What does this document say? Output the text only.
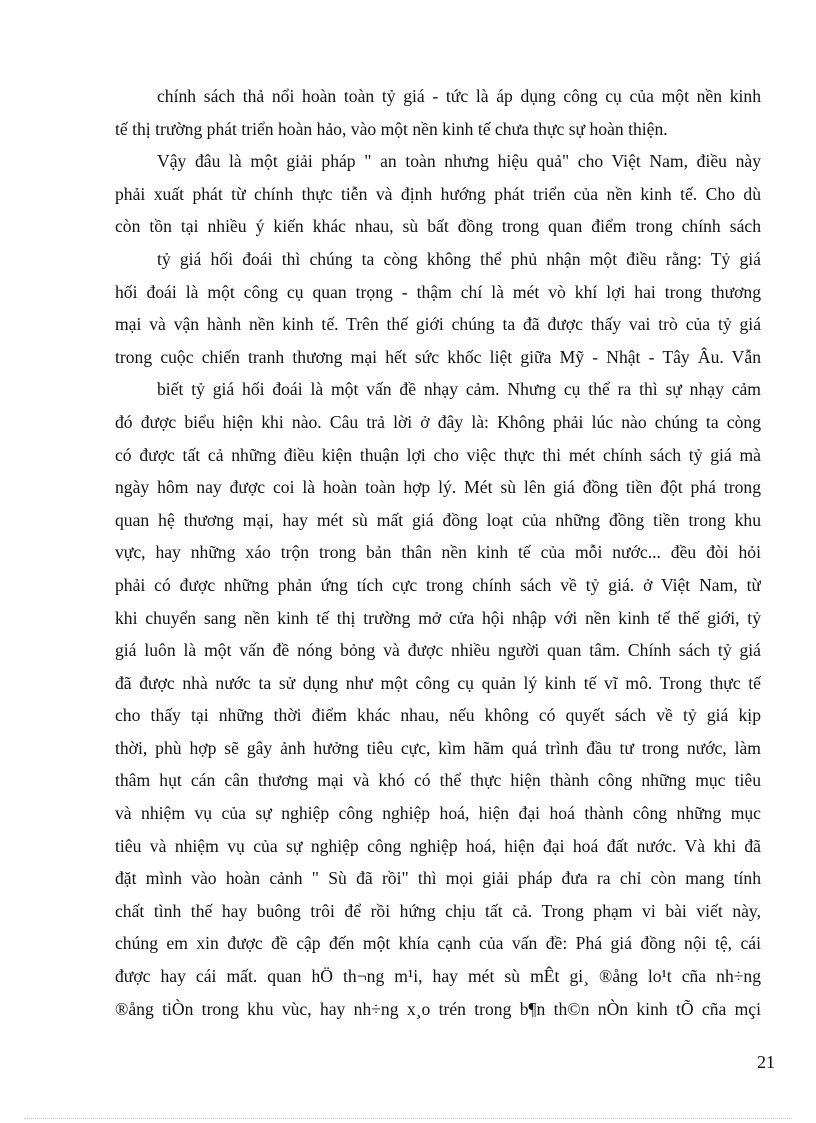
chính sách thả nổi hoàn toàn tỷ giá - tức là áp dụng công cụ của một nền kinh
tế thị trường phát triển hoàn hảo, vào một nền kinh tế chưa thực sự hoàn thiện.
Vậy đâu là một giải pháp " an toàn nhưng hiệu quả" cho Việt Nam, điều này
phải xuất phát từ chính thực tiễn và định hướng phát triển của nền kinh tế. Cho dù
còn tồn tại nhiều ý kiến khác nhau, sù bất đồng trong quan điểm trong chính sách
tỷ giá hối đoái thì chúng ta còng không thể phủ nhận một điều rằng: Tỷ giá
hối đoái là một công cụ quan trọng - thậm chí là mét vò khí lợi hai trong thương
mại và vận hành nền kinh tế. Trên thế giới chúng ta đã được thấy vai trò của tỷ giá
trong cuộc chiến tranh thương mại hết sức khốc liệt giữa Mỹ - Nhật - Tây Âu. Vẫn
biết tỷ giá hối đoái là một vấn đề nhạy cảm. Nhưng cụ thể ra thì sự nhạy cảm
đó được biểu hiện khi nào. Câu trả lời ở đây là: Không phải lúc nào chúng ta còng
có được tất cả những điều kiện thuận lợi cho việc thực thi mét chính sách tỷ giá mà
ngày hôm nay được coi là hoàn toàn hợp lý. Mét sù lên giá đồng tiền đột phá trong
quan hệ thương mại, hay mét sù mất giá đồng loạt của những đồng tiền trong khu
vực, hay những xáo trộn trong bản thân nền kinh tế của mỗi nước... đều đòi hỏi
phải có được những phản ứng tích cực trong chính sách về tỷ giá. ở Việt Nam, từ
khi chuyển sang nền kinh tế thị trường mở cửa hội nhập với nền kinh tế thế giới, tỷ
giá luôn là một vấn đề nóng bỏng và được nhiều người quan tâm. Chính sách tỷ giá
đã được nhà nước ta sử dụng như một công cụ quản lý kinh tế vĩ mô. Trong thực tế
cho thấy tại những thời điểm khác nhau, nếu không có quyết sách về tỷ giá kịp
thời, phù hợp sẽ gây ảnh hưởng tiêu cực, kìm hãm quá trình đầu tư trong nước, làm
thâm hụt cán cân thương mại và khó có thể thực hiện thành công những mục tiêu
và nhiệm vụ của sự nghiệp công nghiệp hoá, hiện đại hoá thành công những mục
tiêu và nhiệm vụ của sự nghiệp công nghiệp hoá, hiện đại hoá đất nước. Và khi đã
đặt mình vào hoàn cảnh " Sù đã rồi" thì mọi giải pháp đưa ra chỉ còn mang tính
chất tình thế hay buông trôi để rồi hứng chịu tất cả. Trong phạm vi bài viết này,
chúng em xin được đề cập đến một khía cạnh của vấn đề: Phá giá đồng nội tệ, cái
được hay cái mất. quan hÖ th¬ng m¹i, hay mét sù mÊt gi¸ ®ång lo¹t cña nh÷ng
®ång tiÒn trong khu vùc, hay nh÷ng x¸o trén trong b¶n th©n nÒn kinh tÕ cña mçi
21
